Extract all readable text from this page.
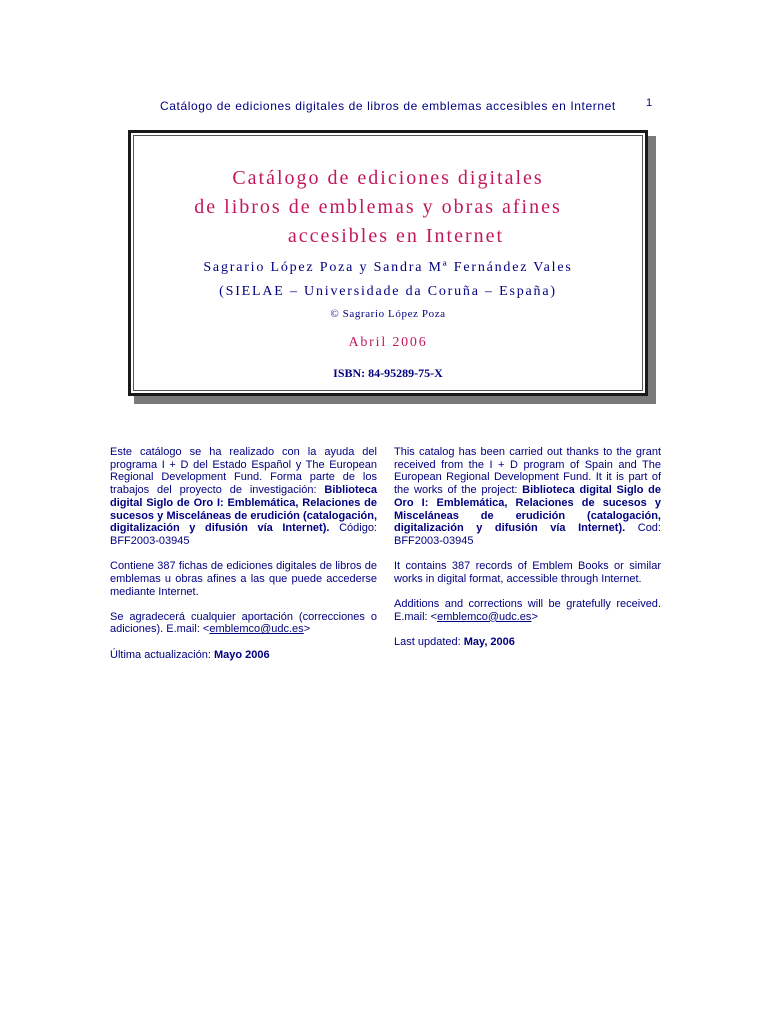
Catálogo de ediciones digitales de libros de emblemas accesibles en Internet	1
Catálogo de ediciones digitales
de libros de emblemas y obras afines
accesibles en Internet
Sagrario López Poza y Sandra Mª Fernández Vales
(SIELAE – Universidade da Coruña – España)
© Sagrario López Poza
Abril 2006
ISBN: 84-95289-75-X

Este catálogo se ha realizado con la ayuda del programa I + D del Estado Español y The European Regional Development Fund. Forma parte de los trabajos del proyecto de investigación: Biblioteca digital Siglo de Oro I: Emblemática, Relaciones de sucesos y Misceláneas de erudición (catalogación, digitalización y difusión vía Internet). Código: BFF2003-03945

Contiene 387 fichas de ediciones digitales de libros de emblemas u obras afines a las que puede accederse mediante Internet.

Se agradecerá cualquier aportación (correcciones o adiciones). E.mail: <emblemco@udc.es>

Última actualización: Mayo 2006

This catalog has been carried out thanks to the grant received from the I + D program of Spain and The European Regional Development Fund. It it is part of the works of the project: Biblioteca digital Siglo de Oro I: Emblemática, Relaciones de sucesos y Misceláneas de erudición (catalogación, digitalización y difusión vía Internet). Cod: BFF2003-03945

It contains 387 records of Emblem Books or similar works in digital format, accessible through Internet.

Additions and corrections will be gratefully received. E.mail: <emblemco@udc.es>

Last updated: May, 2006
